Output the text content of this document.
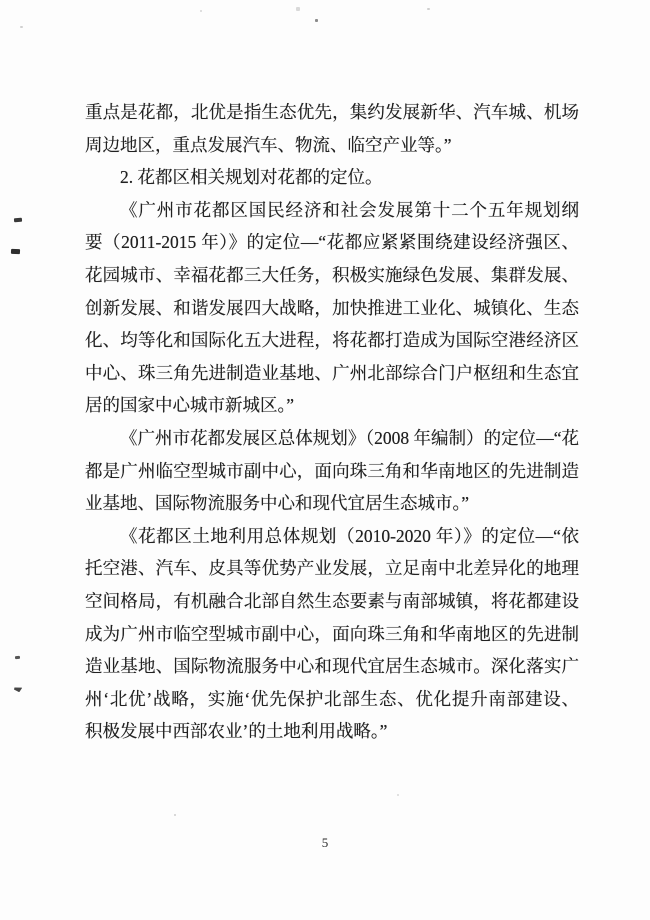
重点是花都，北优是指生态优先，集约发展新华、汽车城、机场
周边地区，重点发展汽车、物流、临空产业等。”
2. 花都区相关规划对花都的定位。
《广州市花都区国民经济和社会发展第十二个五年规划纲
要（2011-2015 年）》的定位—“花都应紧紧围绕建设经济强区、
花园城市、幸福花都三大任务，积极实施绿色发展、集群发展、
创新发展、和谐发展四大战略，加快推进工业化、城镇化、生态
化、均等化和国际化五大进程，将花都打造成为国际空港经济区
中心、珠三角先进制造业基地、广州北部综合门户枢纽和生态宜
居的国家中心城市新城区。”
《广州市花都发展区总体规划》（2008 年编制）的定位—“花
都是广州临空型城市副中心，面向珠三角和华南地区的先进制造
业基地、国际物流服务中心和现代宜居生态城市。”
《花都区土地利用总体规划（2010-2020 年）》的定位—“依
托空港、汽车、皮具等优势产业发展，立足南中北差异化的地理
空间格局，有机融合北部自然生态要素与南部城镇，将花都建设
成为广州市临空型城市副中心，面向珠三角和华南地区的先进制
造业基地、国际物流服务中心和现代宜居生态城市。深化落实广
州‘北优’战略，实施‘优先保护北部生态、优化提升南部建设、
积极发展中西部农业’的土地利用战略。”
5
